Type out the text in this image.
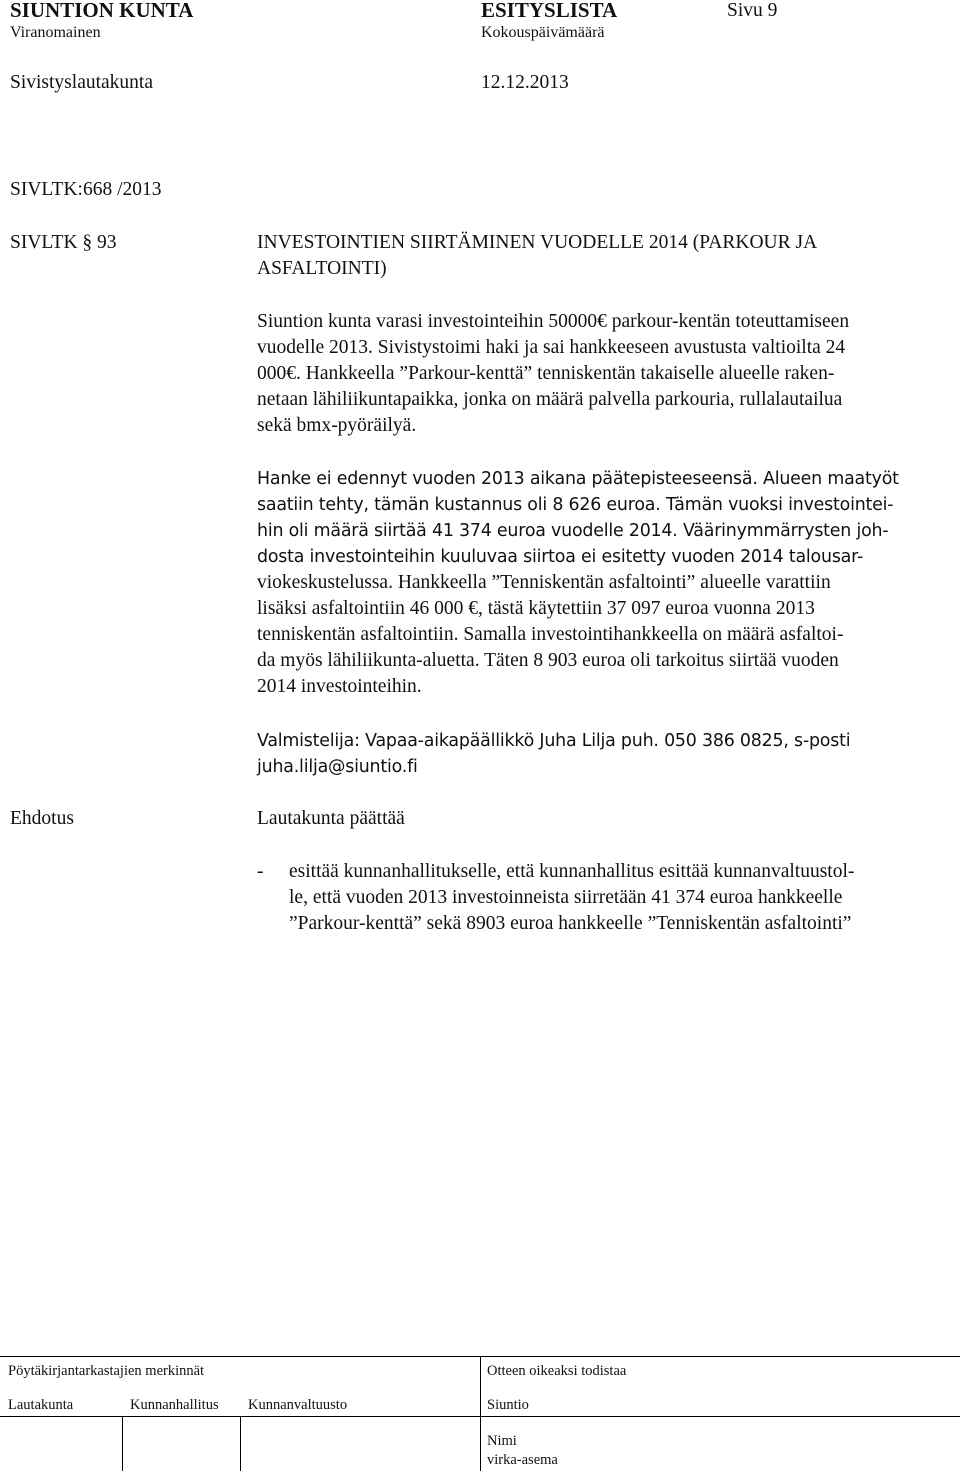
SIUNTION KUNTA
Viranomainen
ESITYSLISTA
Kokouspäivämäärä
Sivu 9
Sivistyslautakunta	12.12.2013
SIVLTK:668 /2013
SIVLTK § 93	INVESTOINTIEN SIIRTÄMINEN VUODELLE 2014 (PARKOUR JA
ASFALTOINTI)
Siuntion kunta varasi investointeihin 50000€ parkour-kentän toteuttamiseen
vuodelle 2013. Sivistystoimi haki ja sai hankkeeseen avustusta valtioilta 24
000€. Hankkeella ”Parkour-kenttä” tenniskentän takaiselle alueelle raken-
netaan lähiliikuntapaikka, jonka on määrä palvella parkouria, rullalautailua
sekä bmx-pyöräilyä.
Hanke ei edennyt vuoden 2013 aikana päätepisteeseensä. Alueen maatyöt
saatiin tehty, tämän kustannus oli 8 626 euroa. Tämän vuoksi investointei-
hin oli määrä siirtää 41 374 euroa vuodelle 2014. Väärinymmärrysten joh-
dosta investointeihin kuuluvaa siirtoa ei esitetty vuoden 2014 talousar-
viokeskustelussa. Hankkeella ”Tenniskentän asfaltointi” alueelle varattiin
lisäksi asfaltointiin 46 000 €, tästä käytettiin 37 097 euroa vuonna 2013
tenniskentän asfaltointiin. Samalla investointihankkeella on määrä asfaltoi-
da myös lähiliikunta-aluetta. Täten 8 903 euroa oli tarkoitus siirtää vuoden
2014 investointeihin.
Valmistelija: Vapaa-aikapäällikkö Juha Lilja puh. 050 386 0825, s-posti
juha.lilja@siuntio.fi
Ehdotus	Lautakunta päättää
- esittää kunnanhallitukselle, että kunnanhallitus esittää kunnanvaltuustol-
le, että vuoden 2013 investoinneista siirretään 41 374 euroa hankkeelle
”Parkour-kenttä” sekä 8903 euroa hankkeelle ”Tenniskentän asfaltointi”
Pöytäkirjantarkastajien merkinnät	Otteen oikeaksi todistaa
Lautakunta	Kunnanhallitus Kunnanvaltuusto	Siuntio
Nimi
virka-asema
